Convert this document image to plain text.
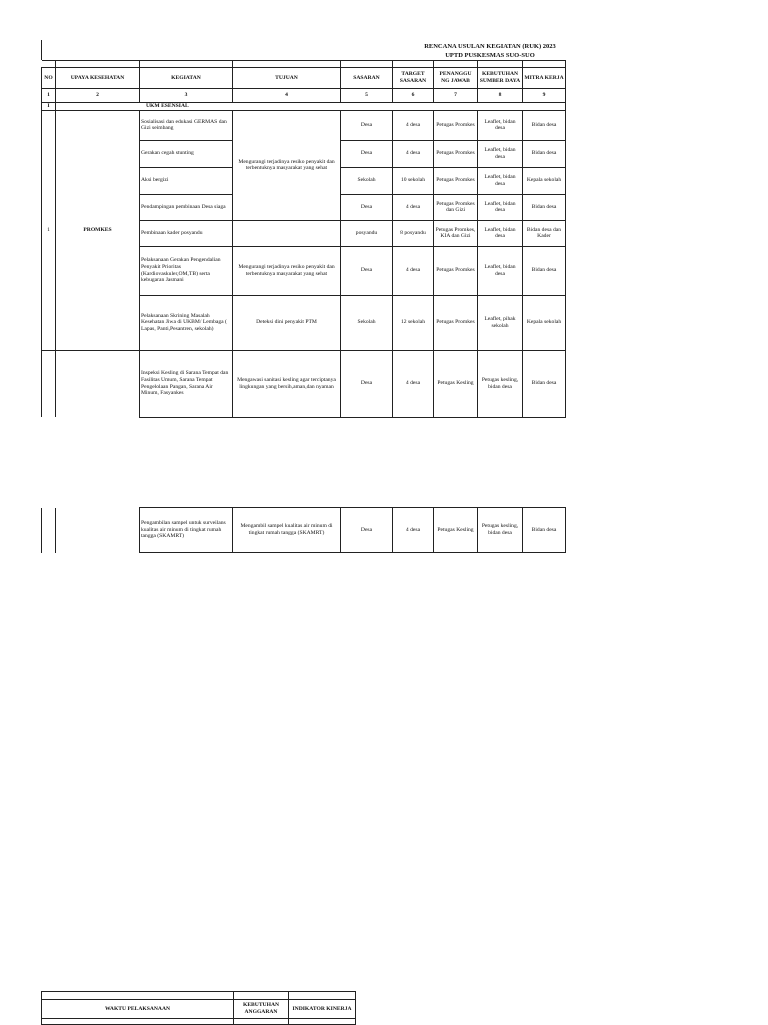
RENCANA USULAN KEGIATAN (RUK) 2023
UPTD PUSKESMAS SUO-SUO

NO	UPAYA KESEHATAN	KEGIATAN	TUJUAN	SASARAN	TARGET SASARAN	PENANGGU NG JAWAB	KEBUTUHAN SUMBER DAYA	MITRA KERJA
1	2	3	4	5	6	7	8	9
I	UKM ESENSIAL							
1	PROMKES	Sosialisasi dan edukasi GERMAS dan Gizi seimbang	Mengurangi terjadinya resiko penyakit dan terbentuknya masyarakat yang sehat	Desa	4 desa	Petugas Promkes	Leaflet, bidan desa	Bidan desa
		Gerakan cegah stunting		Desa	4 desa	Petugas Promkes	Leaflet, bidan desa	Bidan desa
		Aksi bergizi		Sekolah	10 sekolah	Petugas Promkes	Leaflet, bidan desa	Kepala sekolah
		Pendampingan pembinaan Desa siaga		Desa	4 desa	Petugas Promkes dan Gizi	Leaflet, bidan desa	Bidan desa
		Pembinaan kader posyandu		posyandu	8 posyandu	Petugas Promkes, KIA dan Gizi	Leaflet, bidan desa	Bidan desa dan Kader
		Pelaksanaan Gerakan Pengendalian Penyakit Prioritas (Kardiovaskuler,OM,TB) serta kebugaran Jasmani	Mengurangi terjadinya resiko penyakit dan terbentuknya masyarakat yang sehat	Desa	4 desa	Petugas Promkes	Leaflet, bidan desa	Bidan desa
		Pelaksanaan Skrining Masalah Kesehatan Jiwa di UKBM/ Lembaga ( Lapas, Panti,Pesantren, sekolah)	Deteksi dini penyakit PTM	Sekolah	12 sekolah	Petugas Promkes	Leaflet, pihak sekolah	Kepala sekolah
		Inspeksi Kesling di Sarana Tempat dan Fasilitas Umum, Sarana Tempat Pengelolaan Pangan, Sarana Air Minum, Fasyankes	Mengawasi sanitasi kesling agar terciptanya lingkungan yang bersih,aman,dan nyaman	Desa	4 desa	Petugas Kesling	Petugas kesling, bidan desa	Bidan desa
		Pengambilan sampel untuk surveilans kualitas air minum di tingkat rumah tangga (SKAMRT)	Mengambil sampel kualitas air minum di tingkat rumah tangga (SKAMRT)	Desa	4 desa	Petugas Kesling	Petugas kesling, bidan desa	Bidan desa

WAKTU PELAKSANAAN	KEBUTUHAN ANGGARAN	INDIKATOR KINERJA
